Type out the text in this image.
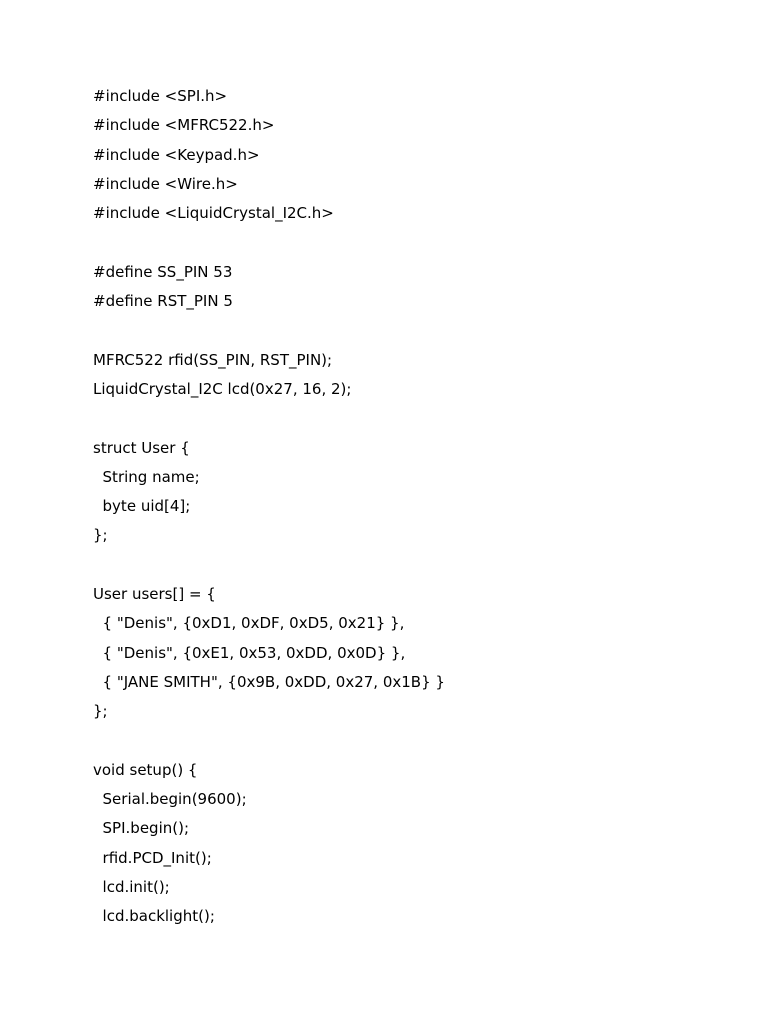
#include <SPI.h>
#include <MFRC522.h>
#include <Keypad.h>
#include <Wire.h>
#include <LiquidCrystal_I2C.h>
#define SS_PIN 53
#define RST_PIN 5
MFRC522 rfid(SS_PIN, RST_PIN);
LiquidCrystal_I2C lcd(0x27, 16, 2);
struct User {
String name;
byte uid[4];
};
User users[] = {
{ "Denis", {0xD1, 0xDF, 0xD5, 0x21} },
{ "Denis", {0xE1, 0x53, 0xDD, 0x0D} },
{ "JANE SMITH", {0x9B, 0xDD, 0x27, 0x1B} }
};
void setup() {
Serial.begin(9600);
SPI.begin();
rfid.PCD_Init();
lcd.init();
lcd.backlight();
